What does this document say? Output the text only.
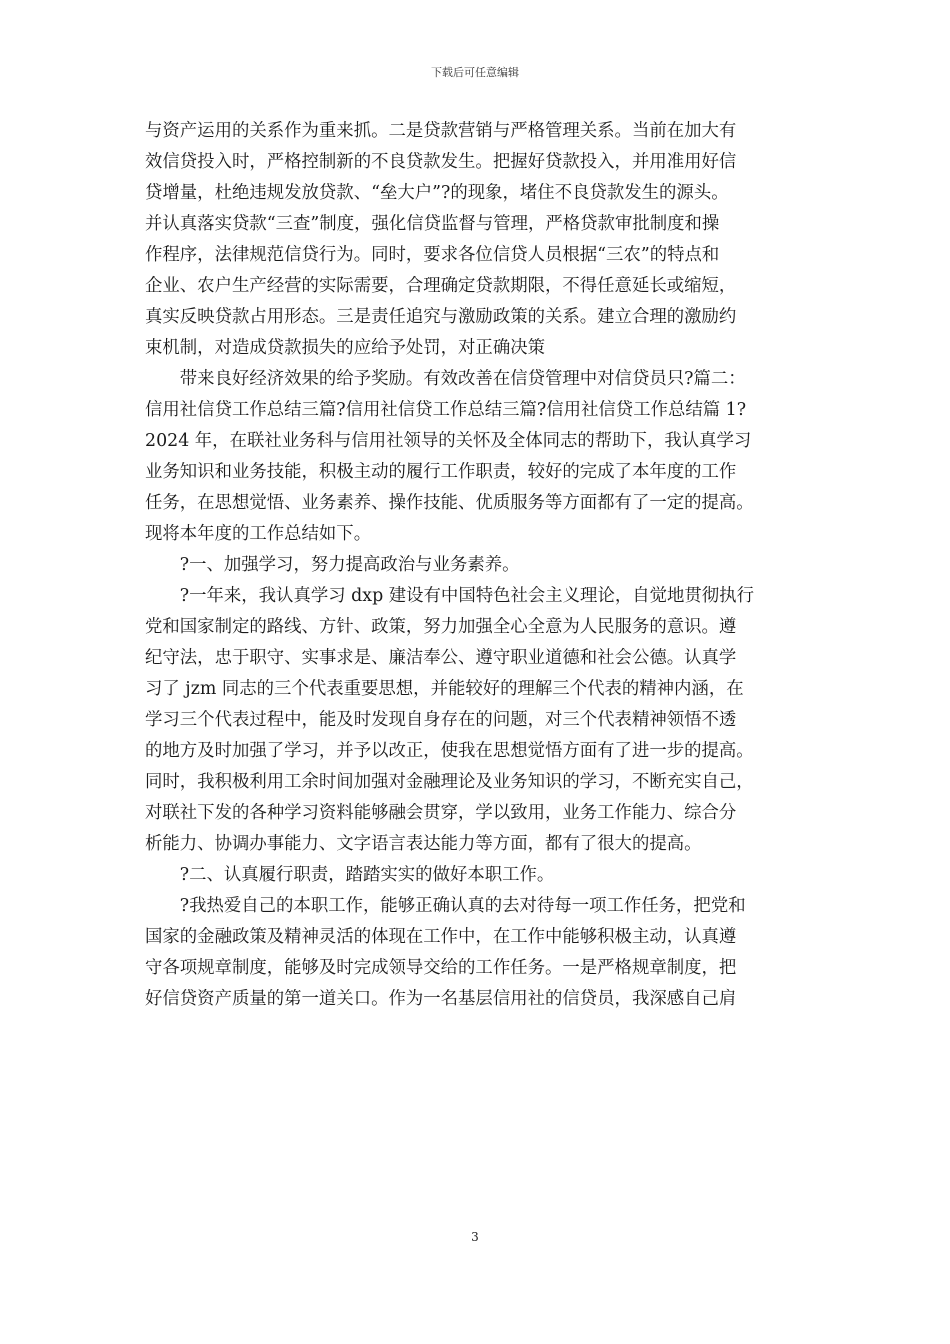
下载后可任意编辑
与资产运用的关系作为重来抓。二是贷款营销与严格管理关系。当前在加大有
效信贷投入时，严格控制新的不良贷款发生。把握好贷款投入，并用准用好信
贷增量，杜绝违规发放贷款、“垒大户”?的现象，堵住不良贷款发生的源头。
并认真落实贷款“三查”制度，强化信贷监督与管理，严格贷款审批制度和操
作程序，法律规范信贷行为。同时，要求各位信贷人员根据“三农”的特点和
企业、农户生产经营的实际需要，合理确定贷款期限，不得任意延长或缩短，
真实反映贷款占用形态。三是责任追究与激励政策的关系。建立合理的激励约
束机制，对造成贷款损失的应给予处罚，对正确决策
　　带来良好经济效果的给予奖励。有效改善在信贷管理中对信贷员只?篇二：
信用社信贷工作总结三篇?信用社信贷工作总结三篇?信用社信贷工作总结篇 1?
2024 年，在联社业务科与信用社领导的关怀及全体同志的帮助下，我认真学习
业务知识和业务技能，积极主动的履行工作职责，较好的完成了本年度的工作
任务，在思想觉悟、业务素养、操作技能、优质服务等方面都有了一定的提高。
现将本年度的工作总结如下。
　　?一、加强学习，努力提高政治与业务素养。
　　?一年来，我认真学习 dxp 建设有中国特色社会主义理论，自觉地贯彻执行
党和国家制定的路线、方针、政策，努力加强全心全意为人民服务的意识。遵
纪守法，忠于职守、实事求是、廉洁奉公、遵守职业道德和社会公德。认真学
习了 jzm 同志的三个代表重要思想，并能较好的理解三个代表的精神内涵，在
学习三个代表过程中，能及时发现自身存在的问题，对三个代表精神领悟不透
的地方及时加强了学习，并予以改正，使我在思想觉悟方面有了进一步的提高。
同时，我积极利用工余时间加强对金融理论及业务知识的学习，不断充实自己，
对联社下发的各种学习资料能够融会贯穿，学以致用，业务工作能力、综合分
析能力、协调办事能力、文字语言表达能力等方面，都有了很大的提高。
　　?二、认真履行职责，踏踏实实的做好本职工作。
　　?我热爱自己的本职工作，能够正确认真的去对待每一项工作任务，把党和
国家的金融政策及精神灵活的体现在工作中，在工作中能够积极主动，认真遵
守各项规章制度，能够及时完成领导交给的工作任务。一是严格规章制度，把
好信贷资产质量的第一道关口。作为一名基层信用社的信贷员，我深感自己肩
3
